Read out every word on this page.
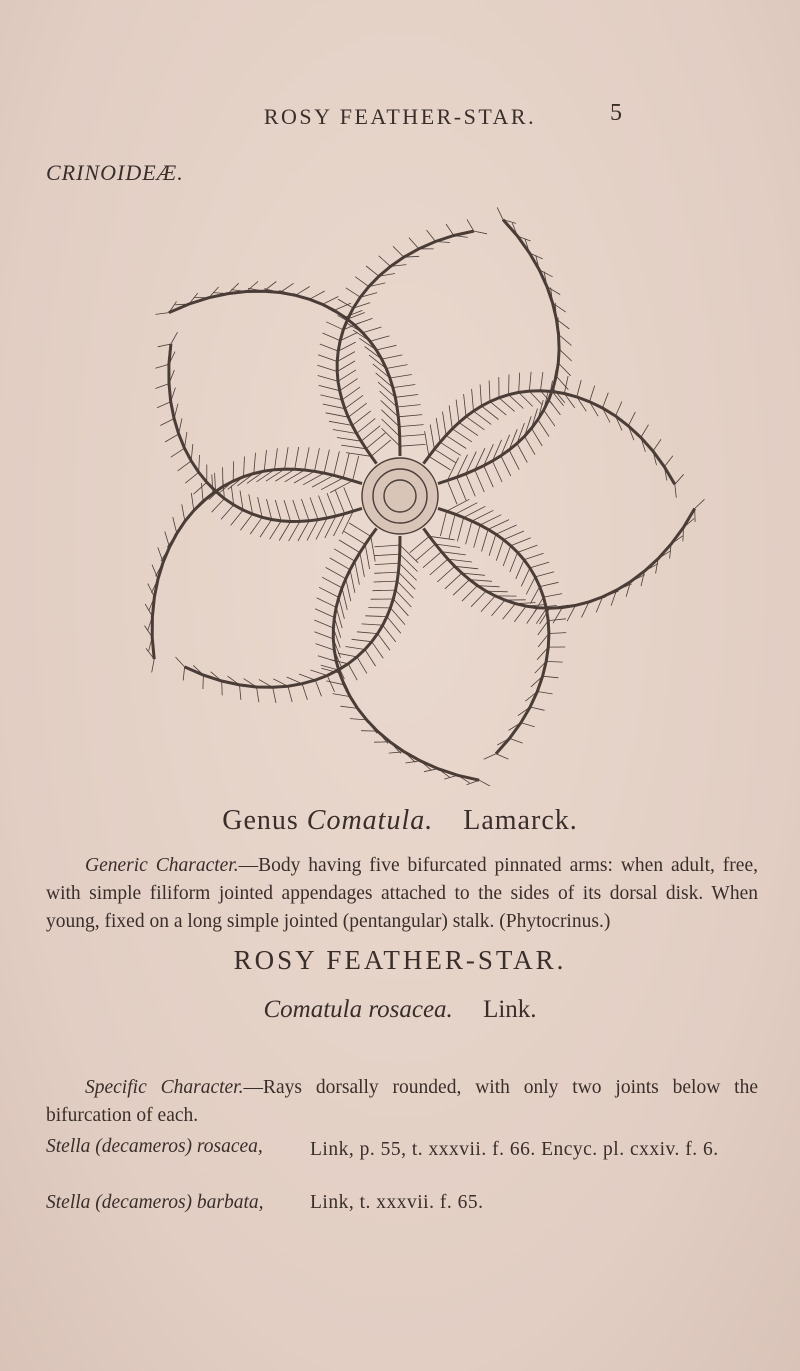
ROSY FEATHER-STAR.	5
CRINOIDEÆ.
Genus Comatula. Lamarck.
Generic Character.—Body having five bifurcated pinnated arms: when adult, free, with simple filiform jointed appendages attached to the sides of its dorsal disk. When young, fixed on a long simple jointed (pentangular) stalk. (Phytocrinus.)
ROSY FEATHER-STAR.
Comatula rosacea. Link.
Specific Character.—Rays dorsally rounded, with only two joints below the bifurcation of each.
Stella (decameros) rosacea, Link, p. 55, t. xxxvii. f. 66. Encyc. pl. cxxiv. f. 6.
Stella (decameros) barbata, Link, t. xxxvii. f. 65.
